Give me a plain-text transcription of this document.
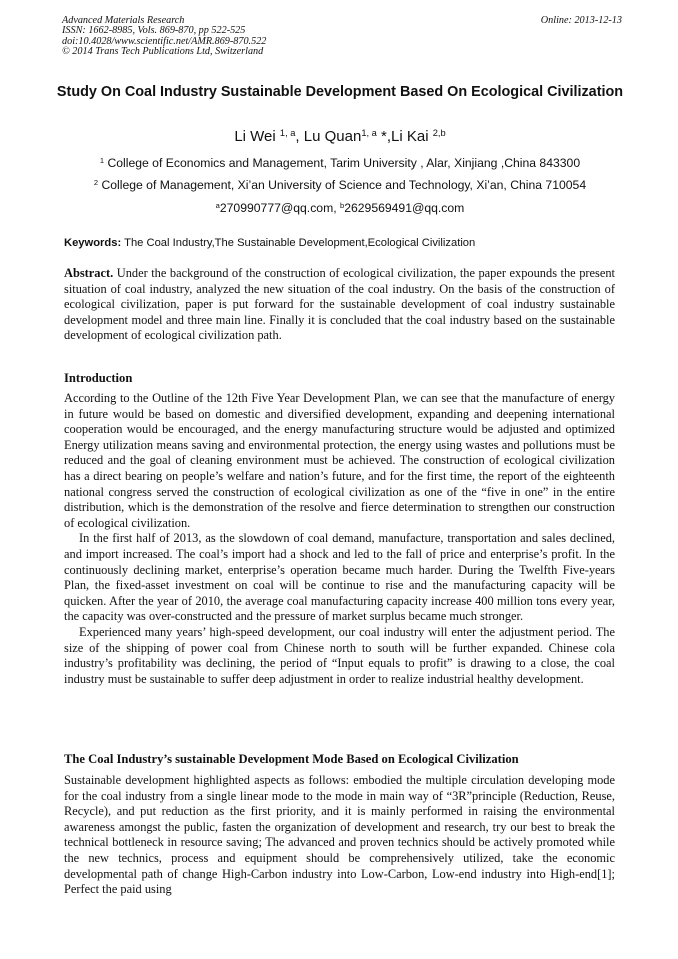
Advanced Materials Research
ISSN: 1662-8985, Vols. 869-870, pp 522-525
doi:10.4028/www.scientific.net/AMR.869-870.522
© 2014 Trans Tech Publications Ltd, Switzerland
Online: 2013-12-13
Study On Coal Industry Sustainable Development Based On Ecological Civilization
Li Wei $^{1, a}$, Lu Quan$^{1, a}$ *,Li Kai $^{2,b}$
$^1$ College of Economics and Management, Tarim University , Alar, Xinjiang ,China 843300
$^2$ College of Management, Xi’an University of Science and Technology, Xi’an, China 710054
$^a$270990777@qq.com, $^b$2629569491@qq.com
Keywords: The Coal Industry,The Sustainable Development,Ecological Civilization

Abstract. Under the background of the construction of ecological civilization, the paper expounds the present situation of coal industry, analyzed the new situation of the coal industry. On the basis of the construction of ecological civilization, paper is put forward for the sustainable development of coal industry sustainable development model and three main line. Finally it is concluded that the coal industry based on the sustainable development of ecological civilization path.

Introduction

According to the Outline of the 12th Five Year Development Plan, we can see that the manufacture of energy in future would be based on domestic and diversified development, expanding and deepening international cooperation would be encouraged, and the energy manufacturing structure would be adjusted and optimized Energy utilization means saving and environmental protection, the energy using wastes and pollutions must be reduced and the goal of cleaning environment must be achieved. The construction of ecological civilization has a direct bearing on people’s welfare and nation’s future, and for the first time, the report of the eighteenth national congress served the construction of ecological civilization as one of the “five in one” in the entire distribution, which is the demonstration of the resolve and fierce determination to strengthen our construction of ecological civilization.

In the first half of 2013, as the slowdown of coal demand, manufacture, transportation and sales declined, and import increased. The coal’s import had a shock and led to the fall of price and enterprise’s profit. In the continuously declining market, enterprise’s operation became much harder. During the Twelfth Five-years Plan, the fixed-asset investment on coal will be continue to rise and the manufacturing capacity will be quicken. After the year of 2010, the average coal manufacturing capacity increase 400 million tons every year, the capacity was over-constructed and the pressure of market surplus became much stronger.

Experienced many years’ high-speed development, our coal industry will enter the adjustment period. The size of the shipping of power coal from Chinese north to south will be further expanded. Chinese cola industry’s profitability was declining, the period of “Input equals to profit” is drawing to a close, the coal industry must be sustainable to suffer deep adjustment in order to realize industrial healthy development.

The Coal Industry’s sustainable Development Mode Based on Ecological Civilization

Sustainable development highlighted aspects as follows: embodied the multiple circulation developing mode for the coal industry from a single linear mode to the mode in main way of “3R”principle (Reduction, Reuse, Recycle), and put reduction as the first priority, and it is mainly performed in raising the environmental awareness amongst the public, fasten the organization of development and research, try our best to break the technical bottleneck in resource saving; The advanced and proven technics should be actively promoted while the new technics, process and equipment should be comprehensively utilized, take the economic developmental path of change High-Carbon industry into Low-Carbon, Low-end industry into High-end[1]; Perfect the paid using
